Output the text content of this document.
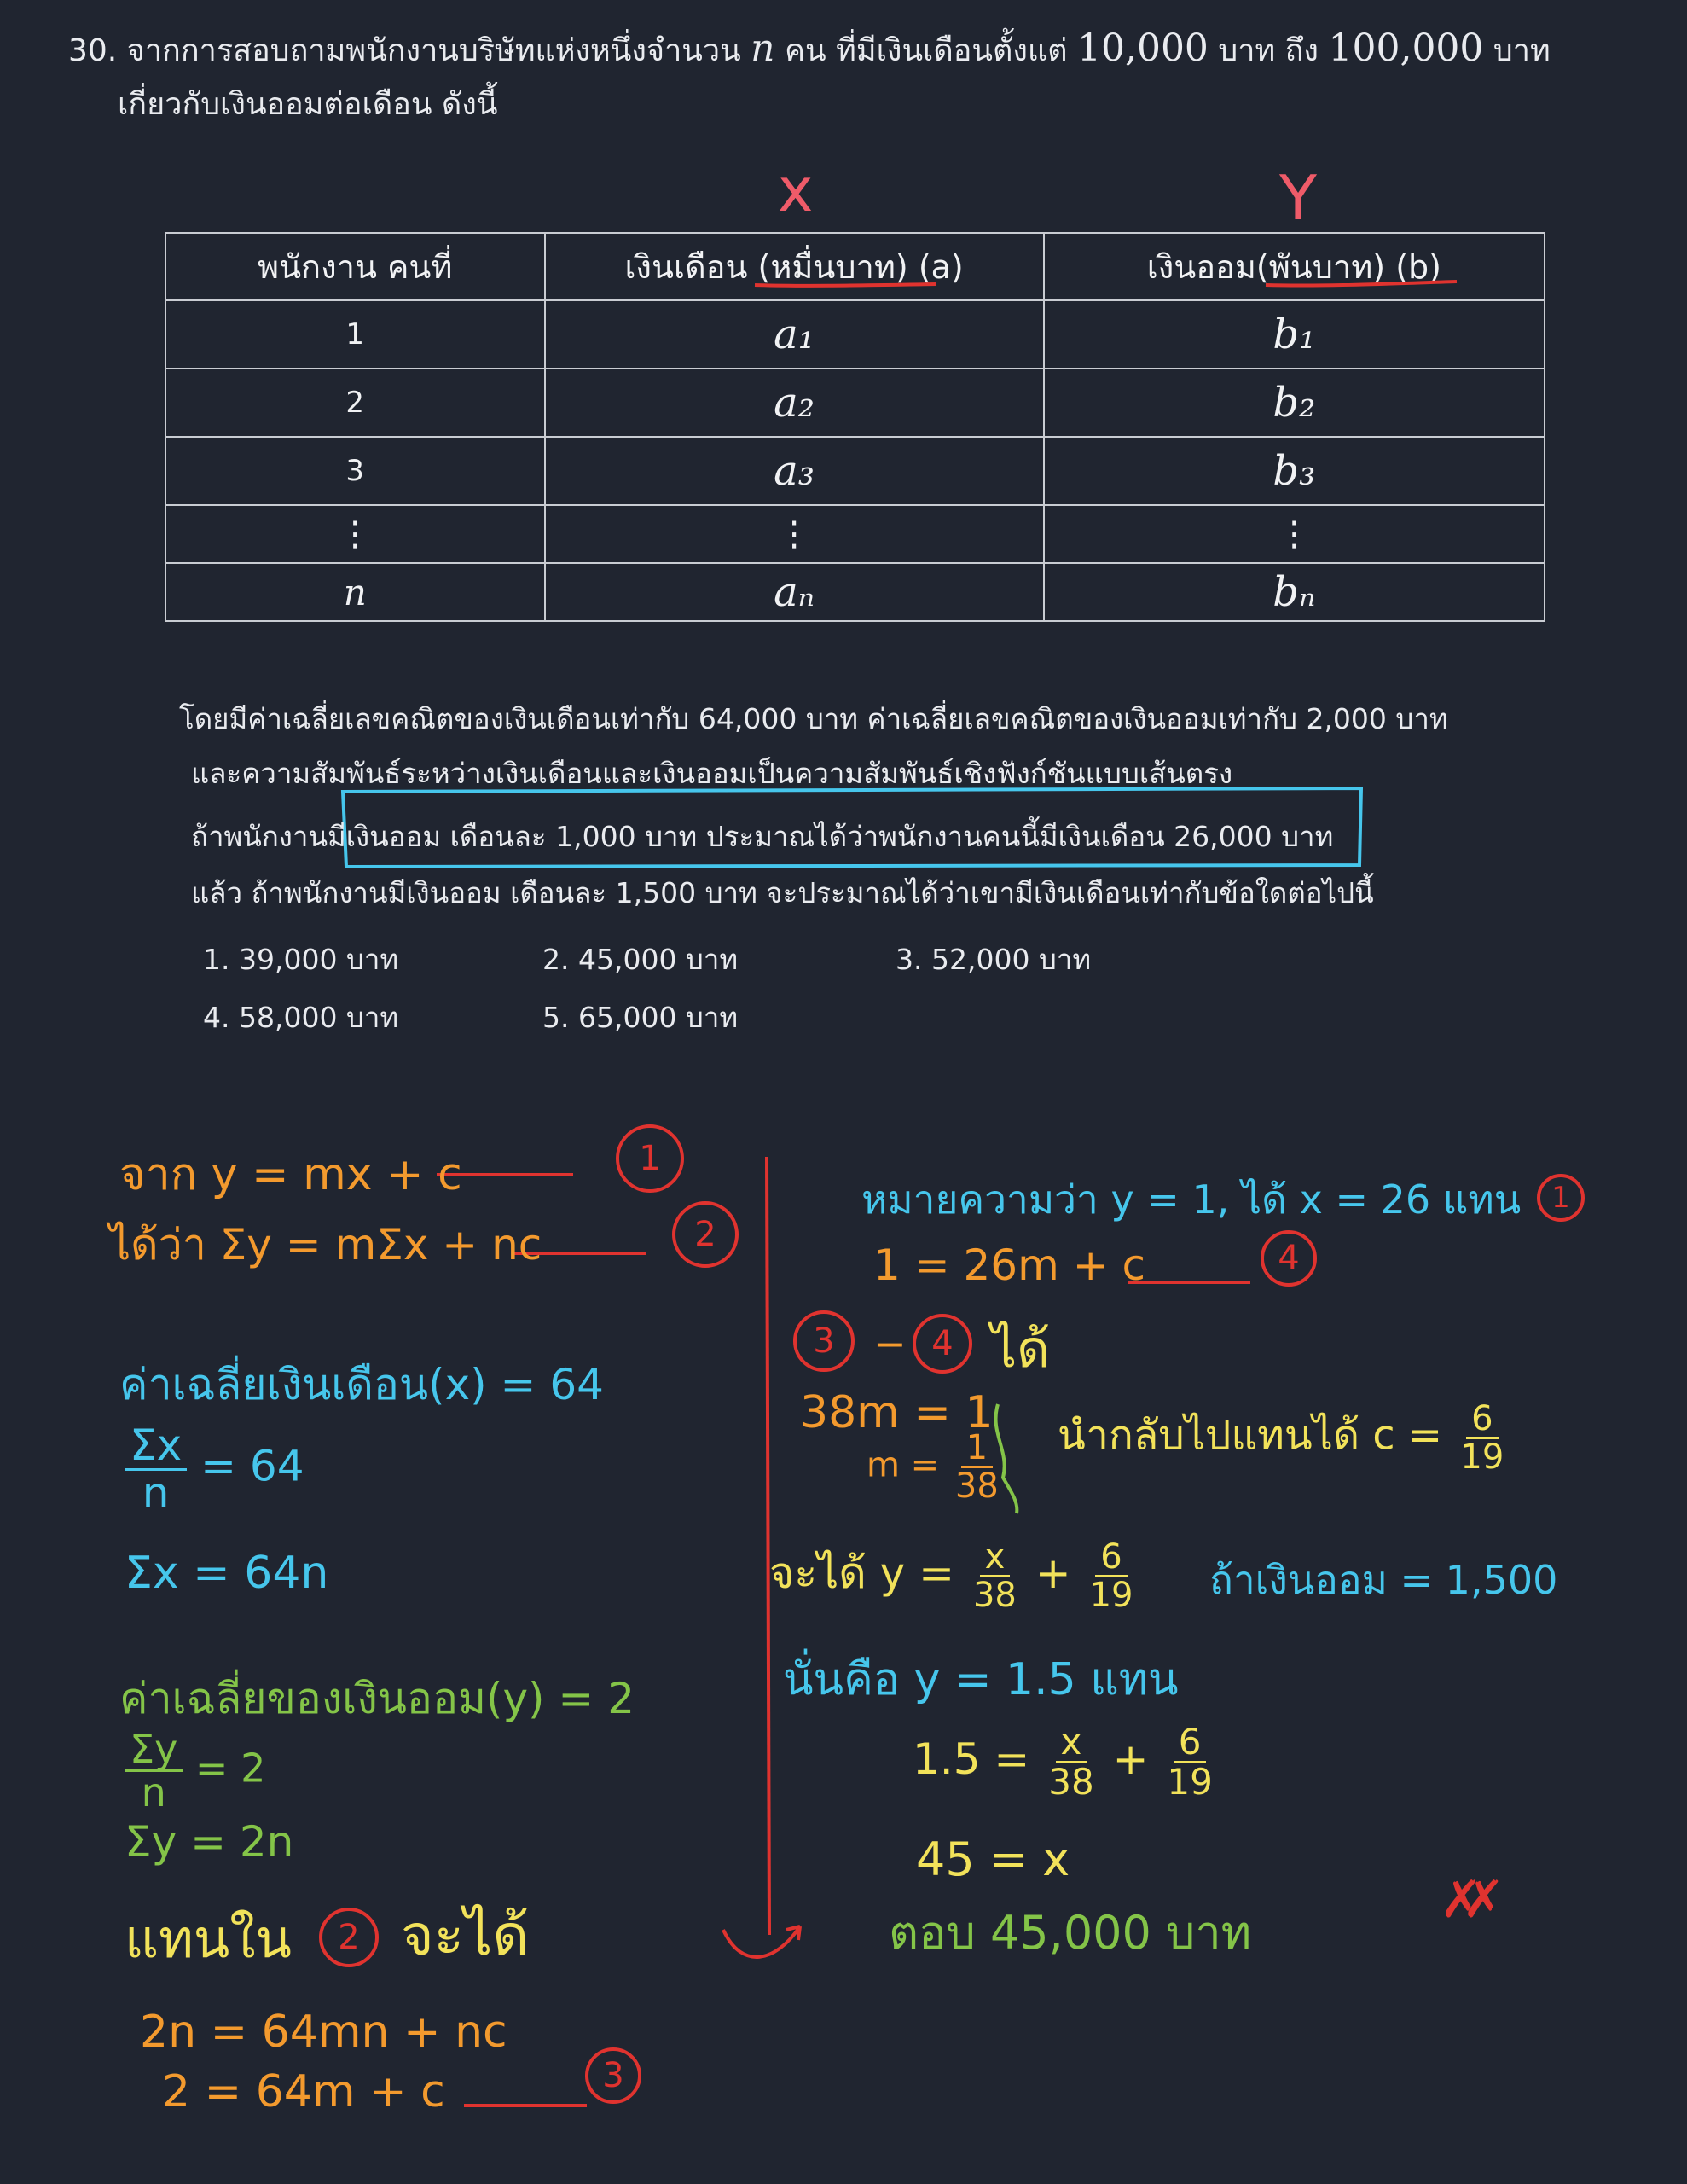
30. จากการสอบถามพนักงานบริษัทแห่งหนึ่งจำนวน n คน ที่มีเงินเดือนตั้งแต่ 10,000 บาท ถึง 100,000 บาท
เกี่ยวกับเงินออมต่อเดือน ดังนี้
x	Y
พนักงาน คนที่	เงินเดือน (หมื่นบาท) (a)	เงินออม(พันบาท) (b)
1	a₁	b₁
2	a₂	b₂
3	a₃	b₃
⋮	⋮	⋮
n	aₙ	bₙ
โดยมีค่าเฉลี่ยเลขคณิตของเงินเดือนเท่ากับ 64,000 บาท ค่าเฉลี่ยเลขคณิตของเงินออมเท่ากับ 2,000 บาท
และความสัมพันธ์ระหว่างเงินเดือนและเงินออมเป็นความสัมพันธ์เชิงฟังก์ชันแบบเส้นตรง
ถ้าพนักงานมีเงินออม เดือนละ 1,000 บาท ประมาณได้ว่าพนักงานคนนี้มีเงินเดือน 26,000 บาท
แล้ว ถ้าพนักงานมีเงินออม เดือนละ 1,500 บาท จะประมาณได้ว่าเขามีเงินเดือนเท่ากับข้อใดต่อไปนี้
1. 39,000 บาท	2. 45,000 บาท	3. 52,000 บาท
4. 58,000 บาท	5. 65,000 บาท
จาก y = mx + c	1
ได้ว่า Σy = mΣx + nc	2
ค่าเฉลี่ยเงินเดือน(x) = 64
$\frac{\Sigma x}{n} = 64$
Σx = 64n
ค่าเฉลี่ยของเงินออม(y) = 2
$\frac{\Sigma y}{n} = 2$
Σy = 2n
แทนใน	2 จะได้
2n = 64mn + nc
2 = 64m + c	3
หมายความว่า y = 1, ได้ x = 26 แทน	1
1 = 26m + c	4
3 − 4 ได้
38m = 1
$m = \frac{1}{38}$ นำกลับไปแทนได้ $c = \frac{6}{19}$
จะได้ $y = \frac{x}{38} + \frac{6}{19}$ ถ้าเงินออม = 1,500
นั่นคือ y = 1.5 แทน
$1.5 = \frac{x}{38} + \frac{6}{19}$
45 = x
ตอบ 45,000 บาท
✗✗
